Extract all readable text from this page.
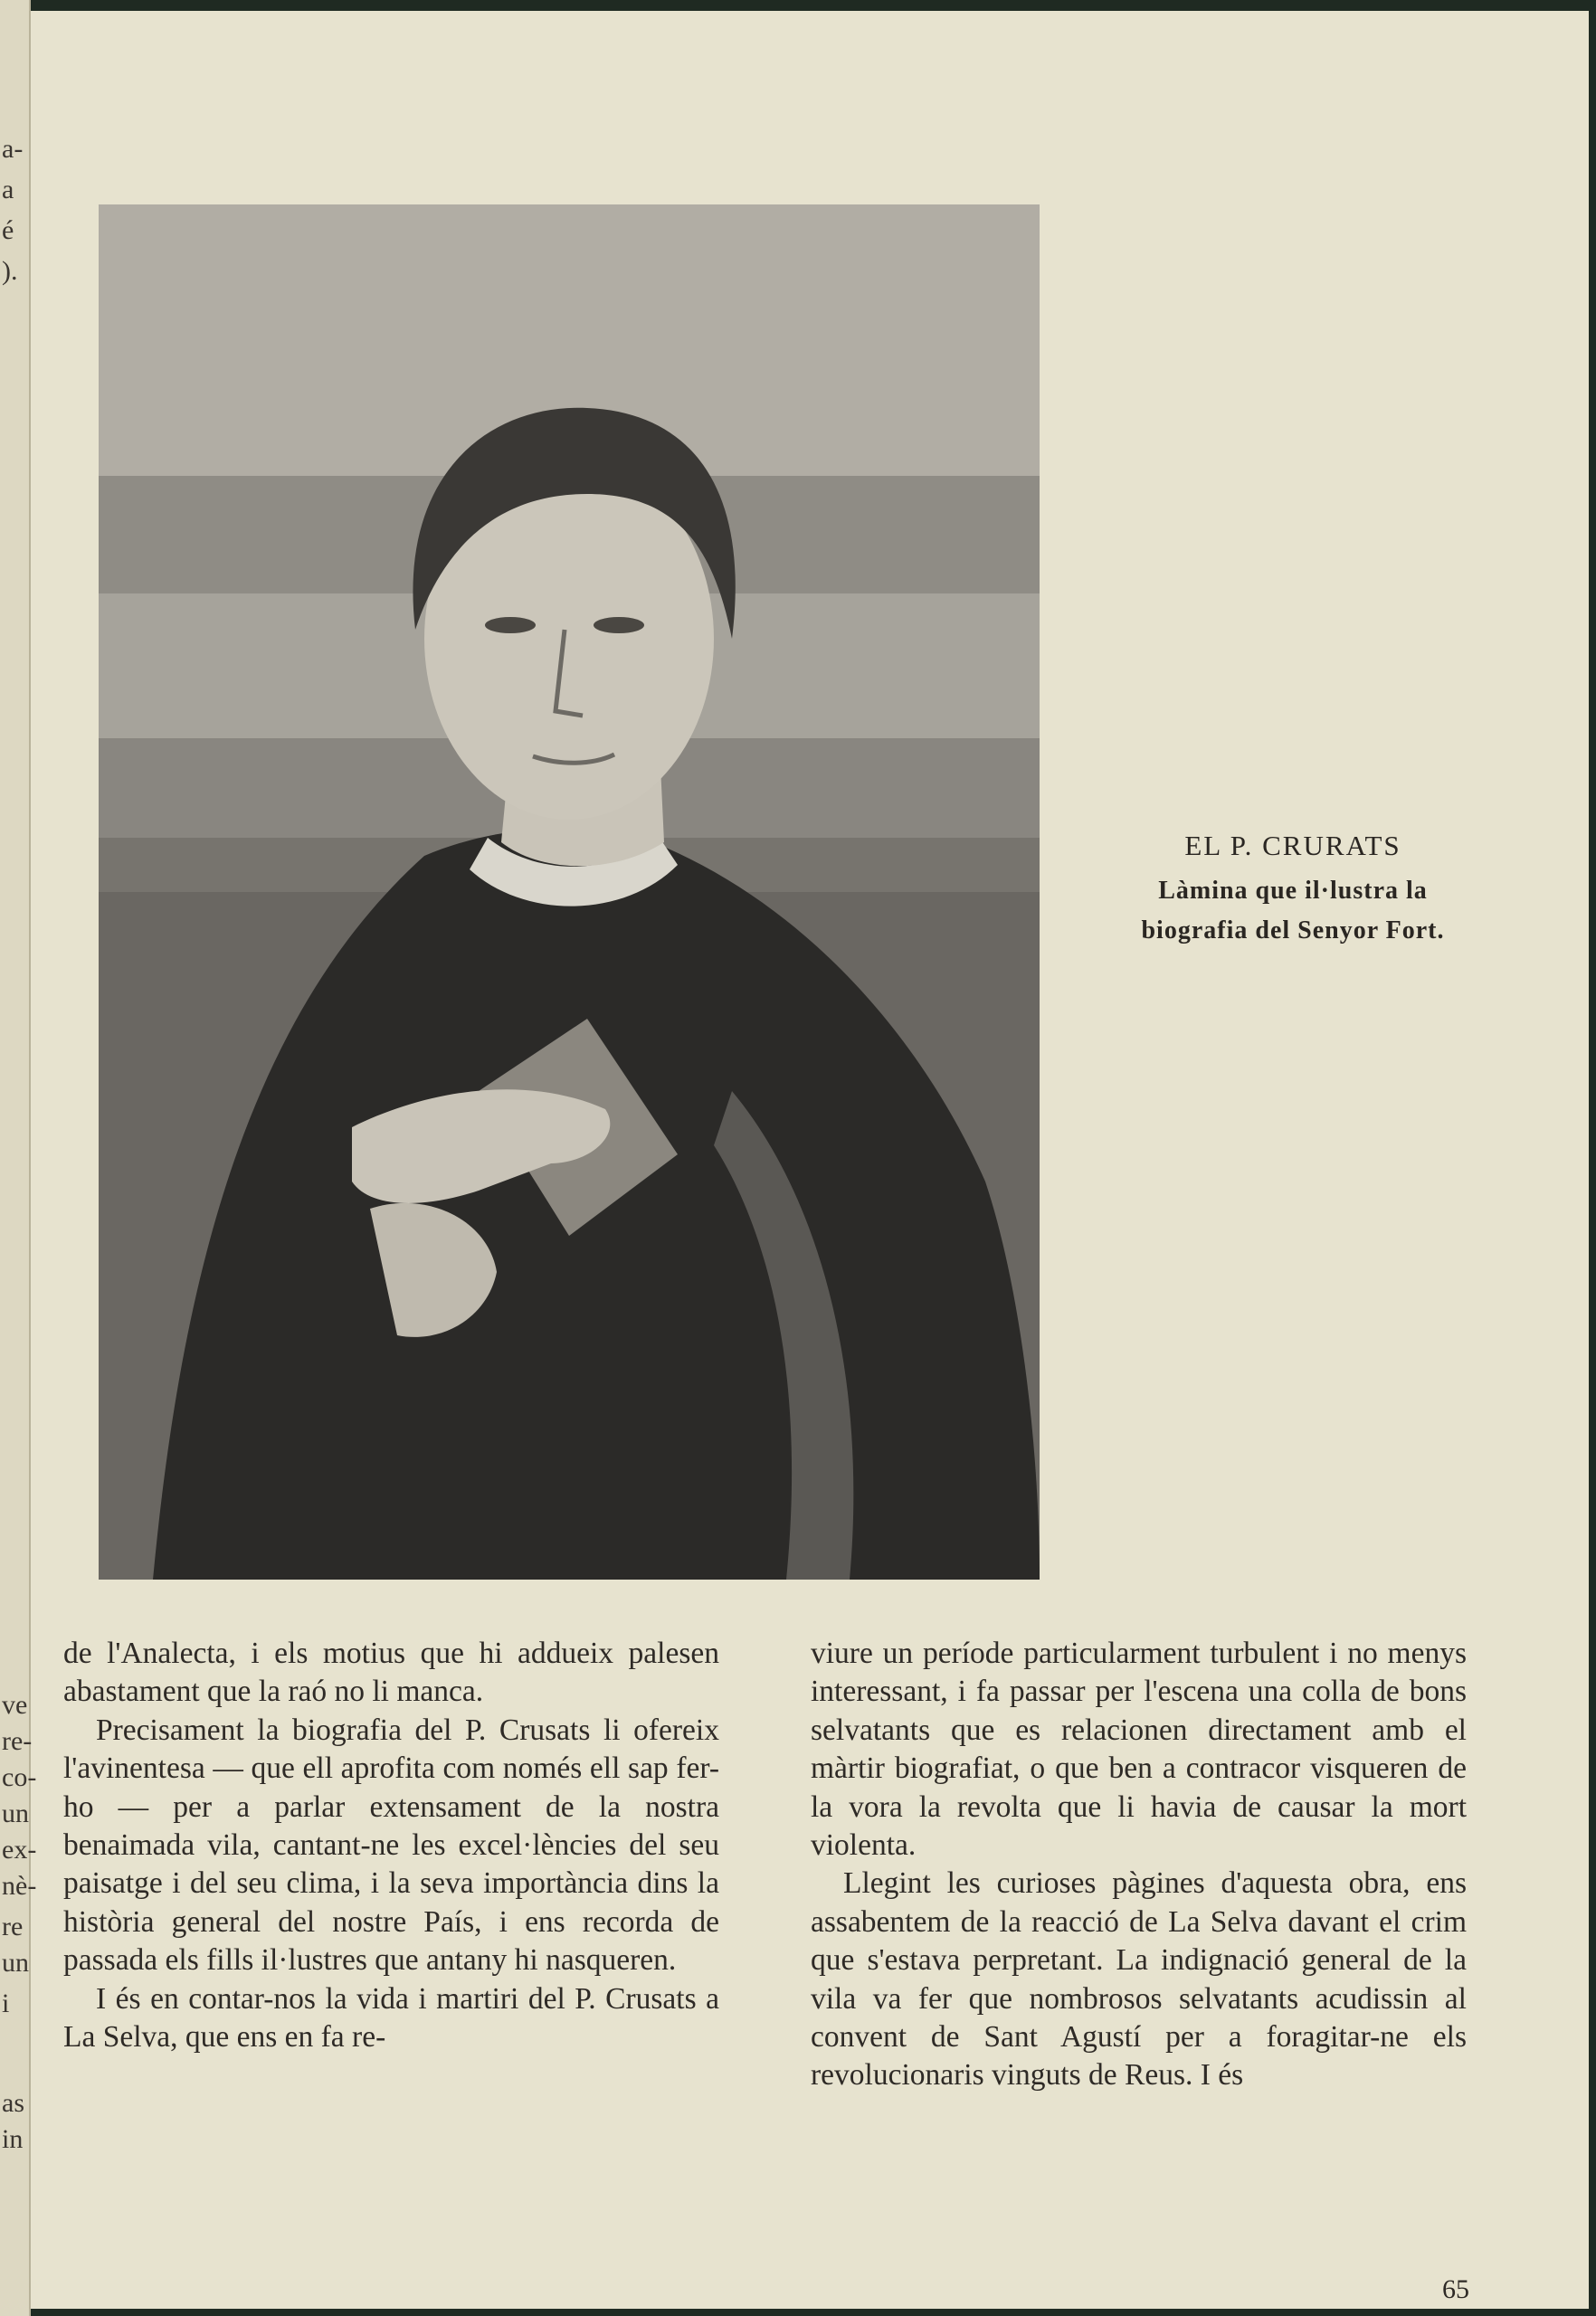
EL P. CRURATS
Làmina que il·lustra la
biografia del Senyor Fort.

de l'Analecta, i els motius que hi addueix palesen abastament que la raó no li manca.

Precisament la biografia del P. Crusats li ofereix l'avinentesa — que ell aprofita com només ell sap fer-ho — per a parlar extensament de la nostra benaimada vila, cantant-ne les excel·lències del seu paisatge i del seu clima, i la seva importància dins la història general del nostre País, i ens recorda de passada els fills il·lustres que antany hi nasqueren.

I és en contar-nos la vida i martiri del P. Crusats a La Selva, que ens en fa re-

viure un període particularment turbulent i no menys interessant, i fa passar per l'escena una colla de bons selvatants que es relacionen directament amb el màrtir biografiat, o que ben a contracor visqueren de la vora la revolta que li havia de causar la mort violenta.

Llegint les curioses pàgines d'aquesta obra, ens assabentem de la reacció de La Selva davant el crim que s'estava perpretant. La indignació general de la vila va fer que nombrosos selvatants acudissin al convent de Sant Agustí per a foragitar-ne els revolucionaris vinguts de Reus. I és

65
a-
a
é
).
ve
re-
co-
un
ex-
nè-
re
un
i
as
in
